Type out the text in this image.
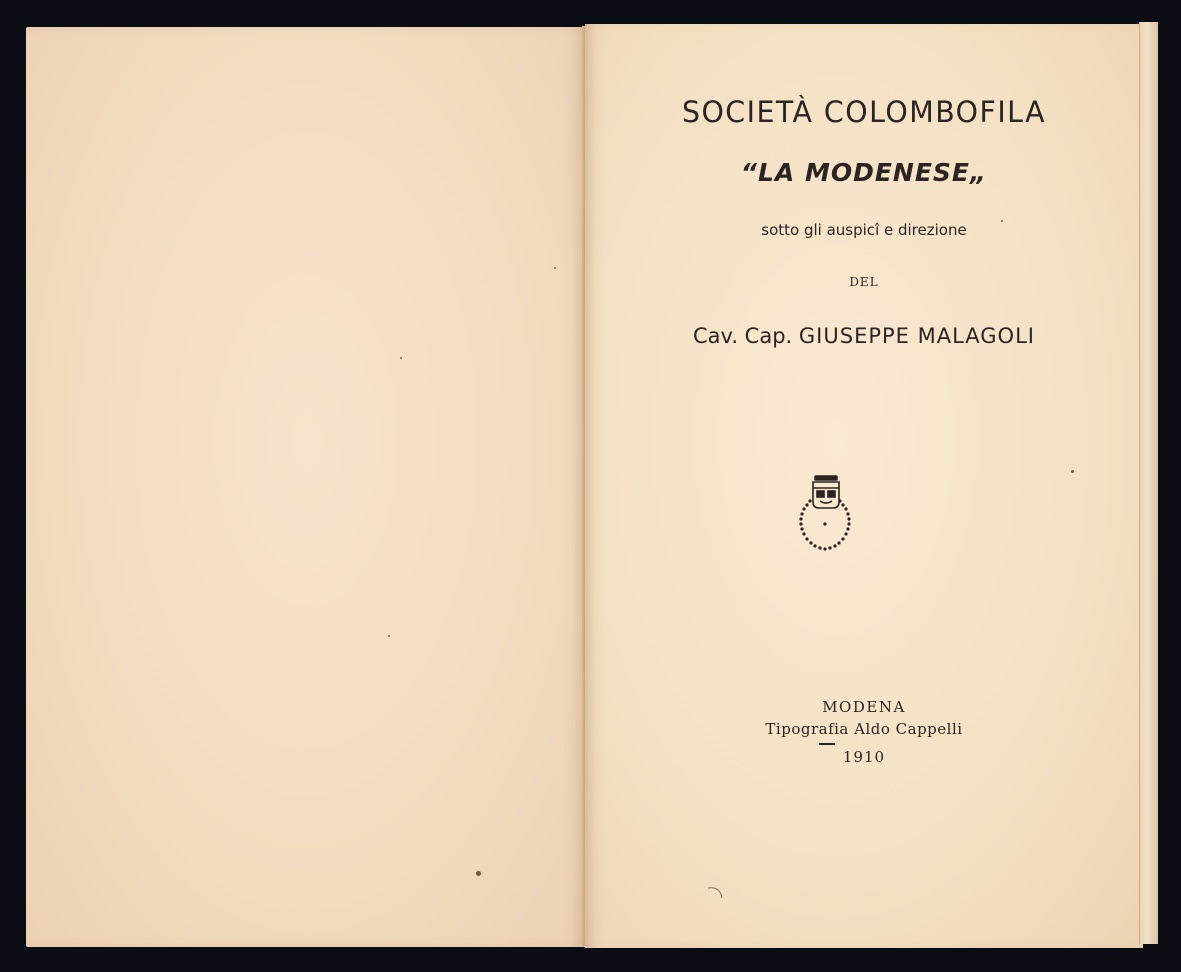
SOCIETÀ COLOMBOFILA
“LA MODENESE„
sotto gli auspicî e direzione
DEL
Cav. Cap. GIUSEPPE MALAGOLI
MODENA
Tipografia Aldo Cappelli
1910
